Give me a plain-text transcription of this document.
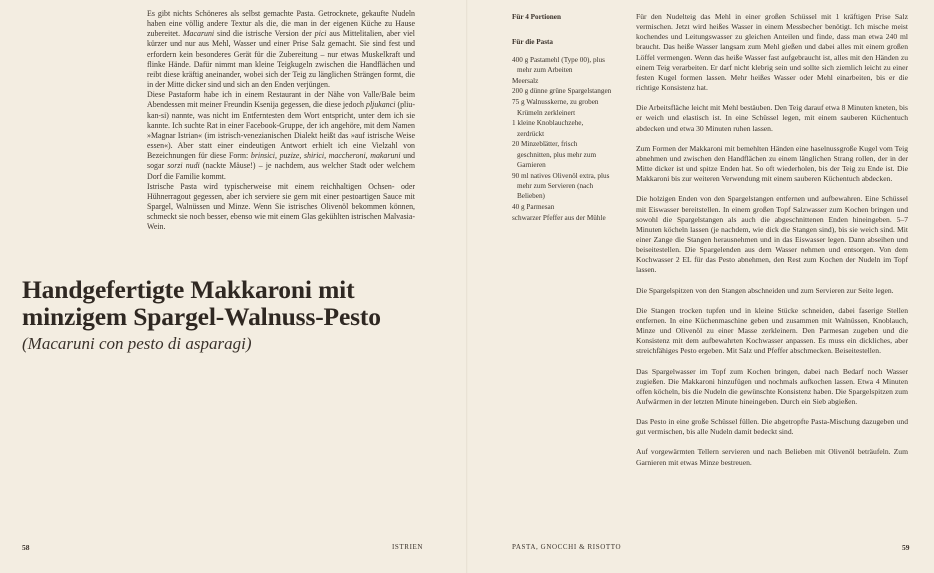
Es gibt nichts Schöneres als selbst gemachte Pasta. Getrocknete, gekaufte Nudeln haben eine völlig andere Textur als die, die man in der eigenen Küche zu Hause zubereitet. Macaruni sind die istrische Version der pici aus Mittelitalien, aber viel kürzer und nur aus Mehl, Wasser und einer Prise Salz gemacht. Sie sind fest und erfordern kein besonderes Gerät für die Zubereitung – nur etwas Muskelkraft und flinke Hände. Dafür nimmt man kleine Teigkugeln zwischen die Handflächen und reibt diese kräftig aneinander, wobei sich der Teig zu länglichen Strängen formt, die in der Mitte dicker sind und sich an den Enden verjüngen.

Diese Pastaform habe ich in einem Restaurant in der Nähe von Valle/Bale beim Abendessen mit meiner Freundin Ksenija gegessen, die diese jedoch pljukanci (pliu-kan-si) nannte, was nicht im Entferntesten dem Wort entspricht, unter dem ich sie kannte. Ich suchte Rat in einer Facebook-Gruppe, der ich angehöre, mit dem Namen »Magnar Istrian« (im istrisch-venezianischen Dialekt heißt das »auf istrische Weise essen«). Aber statt einer eindeutigen Antwort erhielt ich eine Vielzahl von Bezeichnungen für diese Form: brinsici, puzize, shirici, maccheroni, makaruni und sogar sorzi nudi (nackte Mäuse!) – je nachdem, aus welcher Stadt oder welchem Dorf die Familie kommt.

Istrische Pasta wird typischerweise mit einem reichhaltigen Ochsen- oder Hühnerragout gegessen, aber ich serviere sie gern mit einer pestoartigen Sauce mit Spargel, Walnüssen und Minze. Wenn Sie istrisches Olivenöl bekommen können, schmeckt sie noch besser, ebenso wie mit einem Glas gekühlten istrischen Malvasia-Wein.

Handgefertigte Makkaroni mit minzigem Spargel-Walnuss-Pesto

(Macaruni con pesto di asparagi)

58	ISTRIEN

Für 4 Portionen

Für die Pasta

400 g Pastamehl (Type 00), plus mehr zum Arbeiten
Meersalz
200 g dünne grüne Spargelstangen
75 g Walnusskerne, zu groben Krümeln zerkleinert
1 kleine Knoblauchzehe, zerdrückt
20 Minzeblätter, frisch geschnitten, plus mehr zum Garnieren
90 ml natives Olivenöl extra, plus mehr zum Servieren (nach Belieben)
40 g Parmesan
schwarzer Pfeffer aus der Mühle

Für den Nudelteig das Mehl in einer großen Schüssel mit 1 kräftigen Prise Salz vermischen. Jetzt wird heißes Wasser in einem Messbecher benötigt. Ich mische meist kochendes und Leitungswasser zu gleichen Anteilen und finde, dass man etwa 240 ml braucht. Das heiße Wasser langsam zum Mehl gießen und dabei alles mit einem großen Löffel vermengen. Wenn das heiße Wasser fast aufgebraucht ist, alles mit den Händen zu einem Teig verarbeiten. Er darf nicht klebrig sein und sollte sich ziemlich leicht zu einer festen Kugel formen lassen. Mehr heißes Wasser oder Mehl einarbeiten, bis er die richtige Konsistenz hat.

Die Arbeitsfläche leicht mit Mehl bestäuben. Den Teig darauf etwa 8 Minuten kneten, bis er weich und elastisch ist. In eine Schüssel legen, mit einem sauberen Küchentuch abdecken und etwa 30 Minuten ruhen lassen.

Zum Formen der Makkaroni mit bemehlten Händen eine haselnussgroße Kugel vom Teig abnehmen und zwischen den Handflächen zu einem länglichen Strang rollen, der in der Mitte dicker ist und spitze Enden hat. So oft wiederholen, bis der Teig zu Ende ist. Die Makkaroni bis zur weiteren Verwendung mit einem sauberen Küchentuch abdecken.

Die holzigen Enden von den Spargelstangen entfernen und aufbewahren. Eine Schüssel mit Eiswasser bereitstellen. In einem großen Topf Salzwasser zum Kochen bringen und sowohl die Spargelstangen als auch die abgeschnittenen Enden hineingeben. 5–7 Minuten köcheln lassen (je nachdem, wie dick die Stangen sind), bis sie weich sind. Mit einer Zange die Stangen herausnehmen und in das Eiswasser legen. Dann abseihen und beiseitestellen. Die Spargelenden aus dem Wasser nehmen und entsorgen. Von dem Kochwasser 2 EL für das Pesto abnehmen, den Rest zum Kochen der Nudeln im Topf lassen.

Die Spargelspitzen von den Stangen abschneiden und zum Servieren zur Seite legen.

Die Stangen trocken tupfen und in kleine Stücke schneiden, dabei faserige Stellen entfernen. In eine Küchenmaschine geben und zusammen mit Walnüssen, Knoblauch, Minze und Olivenöl zu einer Masse zerkleinern. Den Parmesan zugeben und die Konsistenz mit dem aufbewahrten Kochwasser anpassen. Es muss ein dickliches, aber streichfähiges Pesto ergeben. Mit Salz und Pfeffer abschmecken. Beiseitestellen.

Das Spargelwasser im Topf zum Kochen bringen, dabei nach Bedarf noch Wasser zugießen. Die Makkaroni hinzufügen und nochmals aufkochen lassen. Etwa 4 Minuten offen köcheln, bis die Nudeln die gewünschte Konsistenz haben. Die Spargelspitzen zum Aufwärmen in der letzten Minute hineingeben. Durch ein Sieb abgießen.

Das Pesto in eine große Schüssel füllen. Die abgetropfte Pasta-Mischung dazugeben und gut vermischen, bis alle Nudeln damit bedeckt sind.

Auf vorgewärmten Tellern servieren und nach Belieben mit Olivenöl beträufeln. Zum Garnieren mit etwas Minze bestreuen.

PASTA, GNOCCHI & RISOTTO	59
